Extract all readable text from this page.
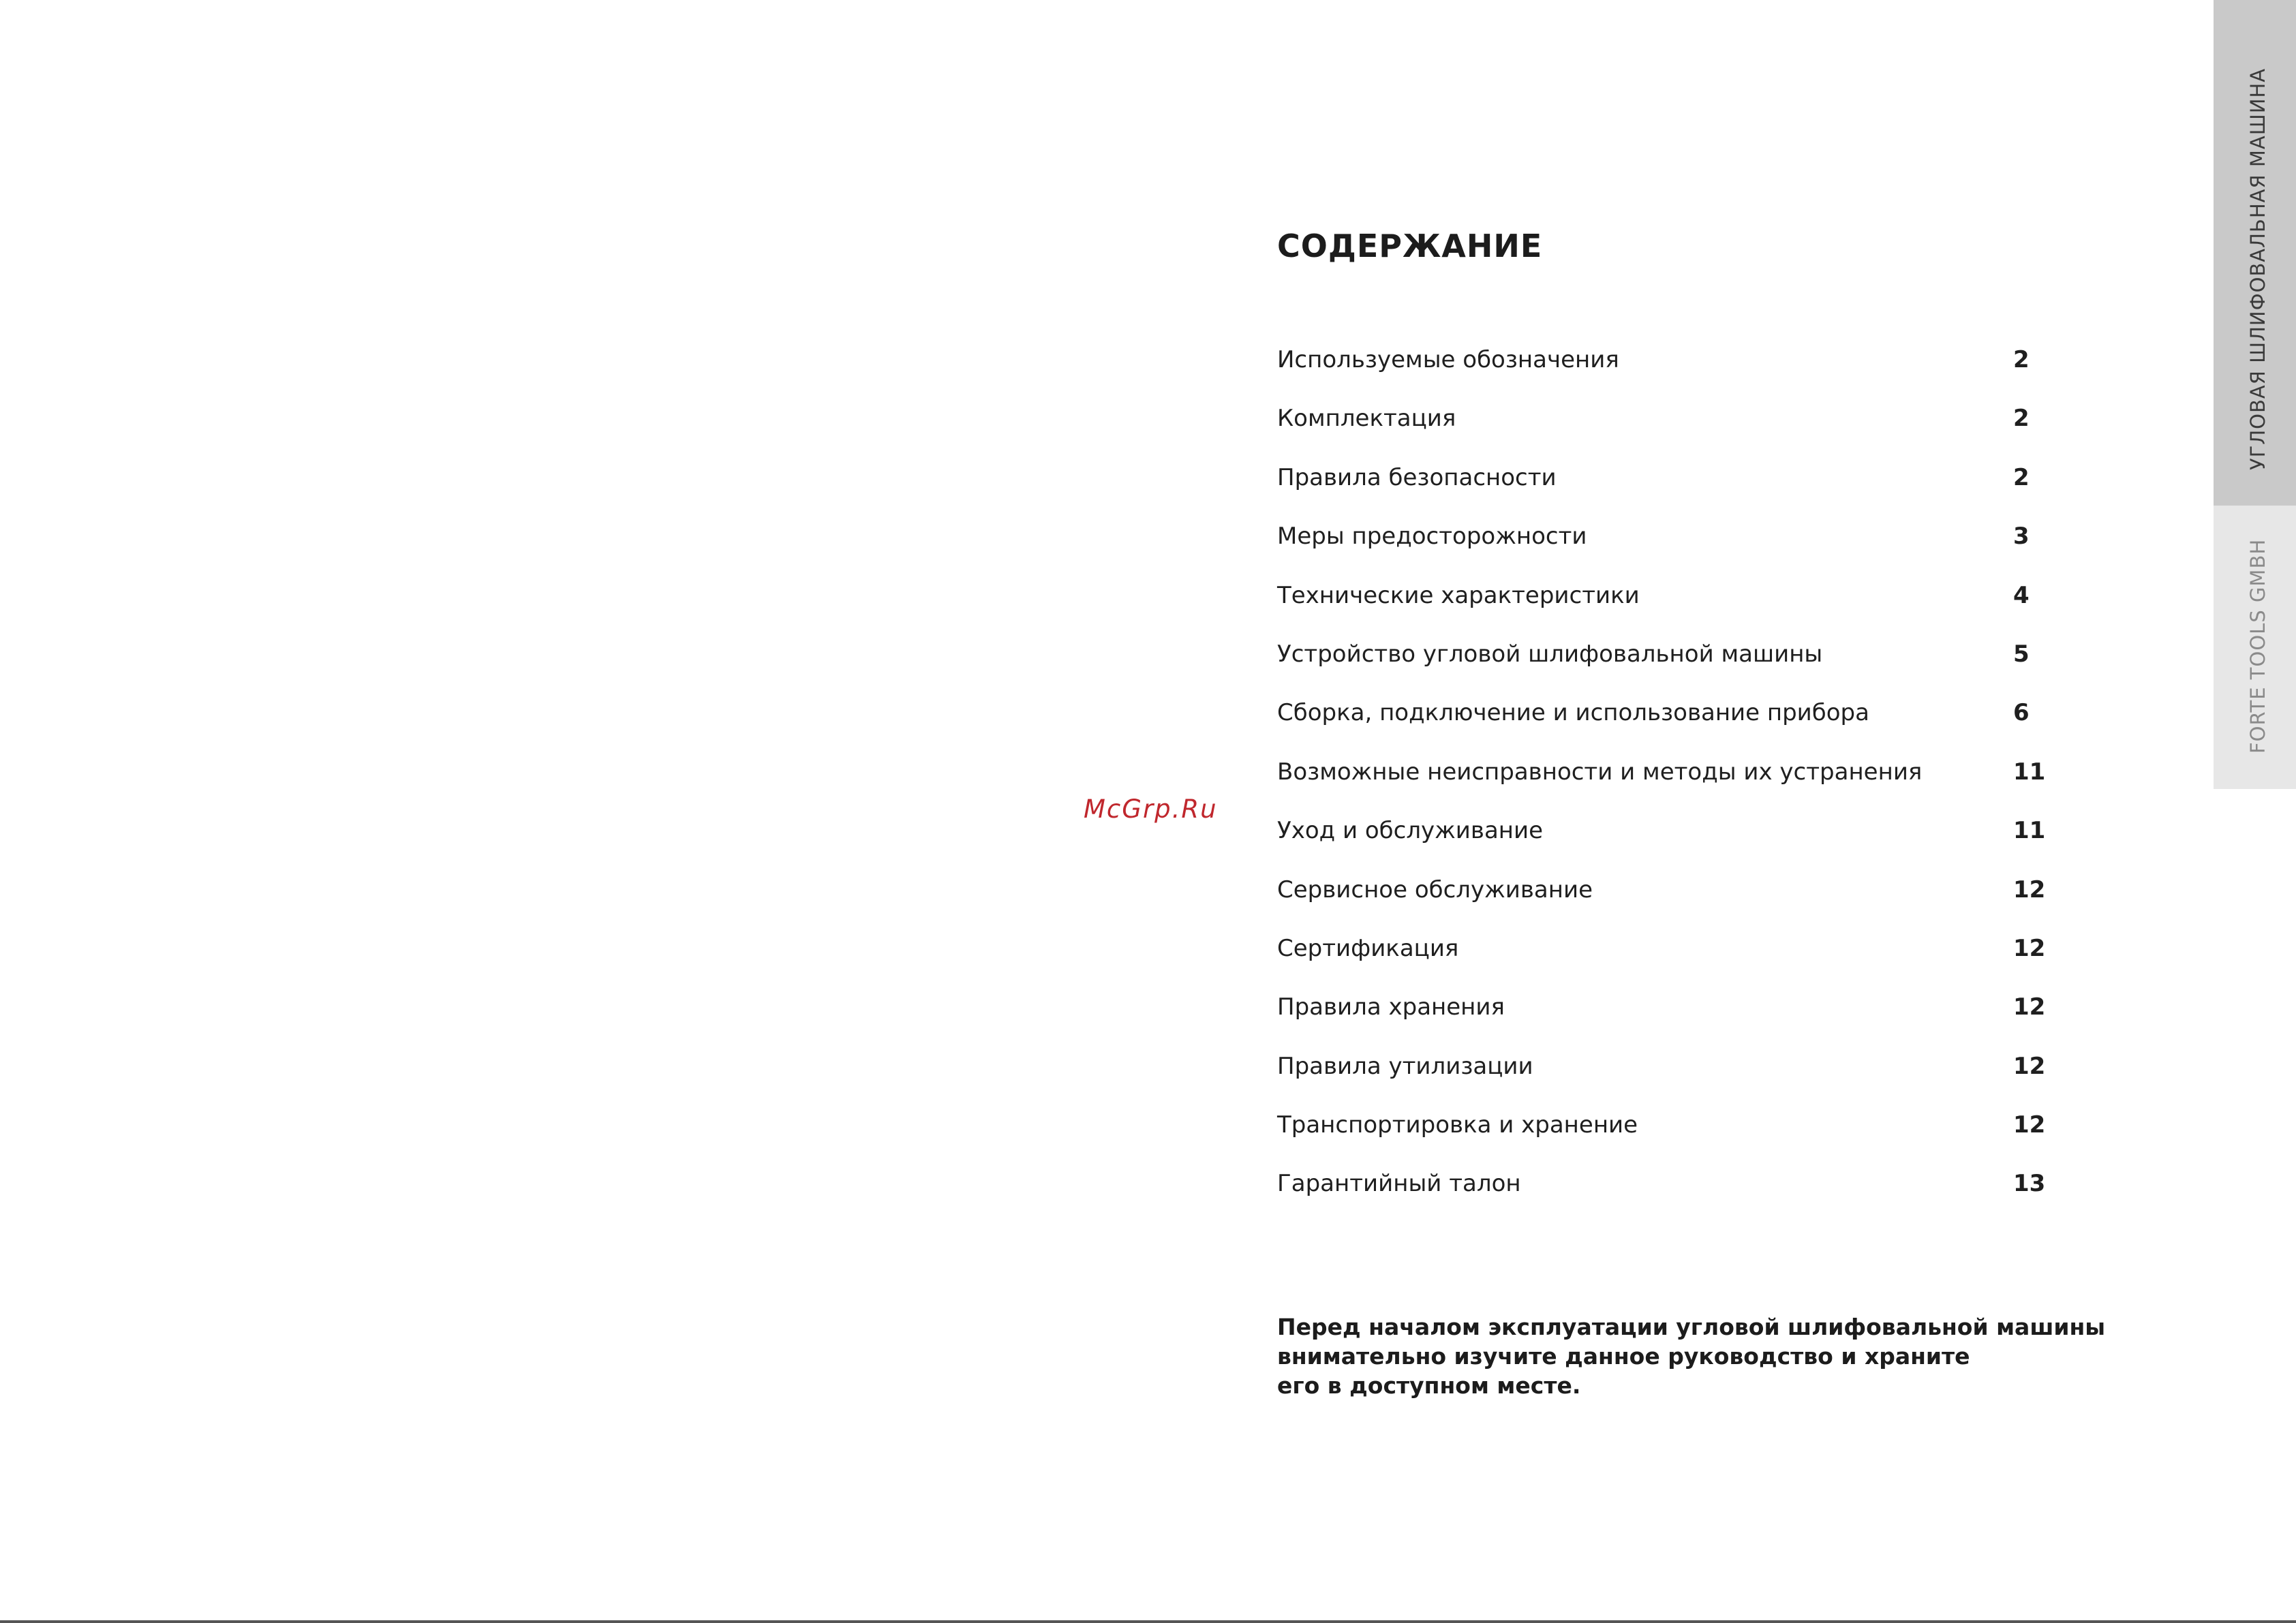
СОДЕРЖАНИЕ
Используемые обозначения	2
Комплектация	2
Правила безопасности	2
Меры предосторожности	3
Технические характеристики	4
Устройство угловой шлифовальной машины	5
Сборка, подключение и использование прибора	6
Возможные неисправности и методы их устранения	11
Уход и обслуживание	11
Сервисное обслуживание	12
Сертификация	12
Правила хранения	12
Правила утилизации	12
Транспортировка и хранение	12
Гарантийный талон	13
McGrp.Ru

Перед началом эксплуатации угловой шлифовальной машины
внимательно изучите данное руководство и храните
его в доступном месте.

УГЛОВАЯ ШЛИФОВАЛЬНАЯ МАШИНА
FORTE TOOLS GMBH
